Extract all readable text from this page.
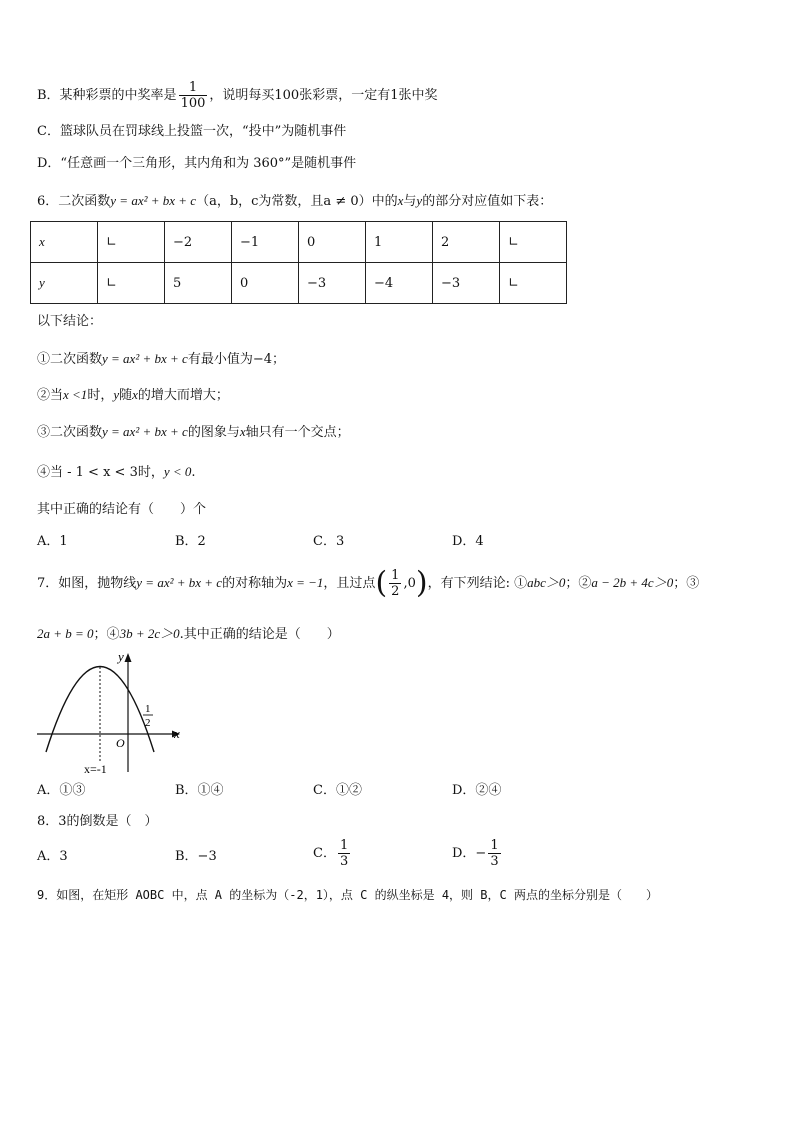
B．某种彩票的中奖率是 $\frac{1}{100}$ ，说明每买100张彩票，一定有1张中奖
C．篮球队员在罚球线上投篮一次，“投中”为随机事件
D．“任意画一个三角形，其内角和为 360°”是随机事件
6．二次函数y = ax² + bx + c（a，b，c为常数，且a ≠ 0）中的x与y的部分对应值如下表：
x	∟	−2	−1	0	1	2	∟
y	∟	5	0	−3	−4	−3	∟
以下结论：
①二次函数y = ax² + bx + c有最小值为−4；
②当x <1时，y随x的增大而增大；
③二次函数y = ax² + bx + c的图象与x轴只有一个交点；
④当 - 1 < x < 3时，y < 0.
其中正确的结论有（　　）个
A．1	B．2	C．3	D．4
7．如图，抛物线y = ax² + bx + c的对称轴为x = −1，且过点( $\frac{1}{2} ,0$)，有下列结论: ①abc＞0；②a − 2b + 4c＞0；③
2a + b = 0；④3b + 2c＞0.其中正确的结论是（　　）
y
x
O
1
2
x=-1
A．①③	B．①④	C．①②	D．②④
8．3的倒数是（　）
A．3	B．−3	C． $\frac{1}{3}$	D．− $\frac{1}{3}$
9．如图，在矩形 AOBC 中，点 A 的坐标为（-2，1），点 C 的纵坐标是 4，则 B，C 两点的坐标分别是（　　）
